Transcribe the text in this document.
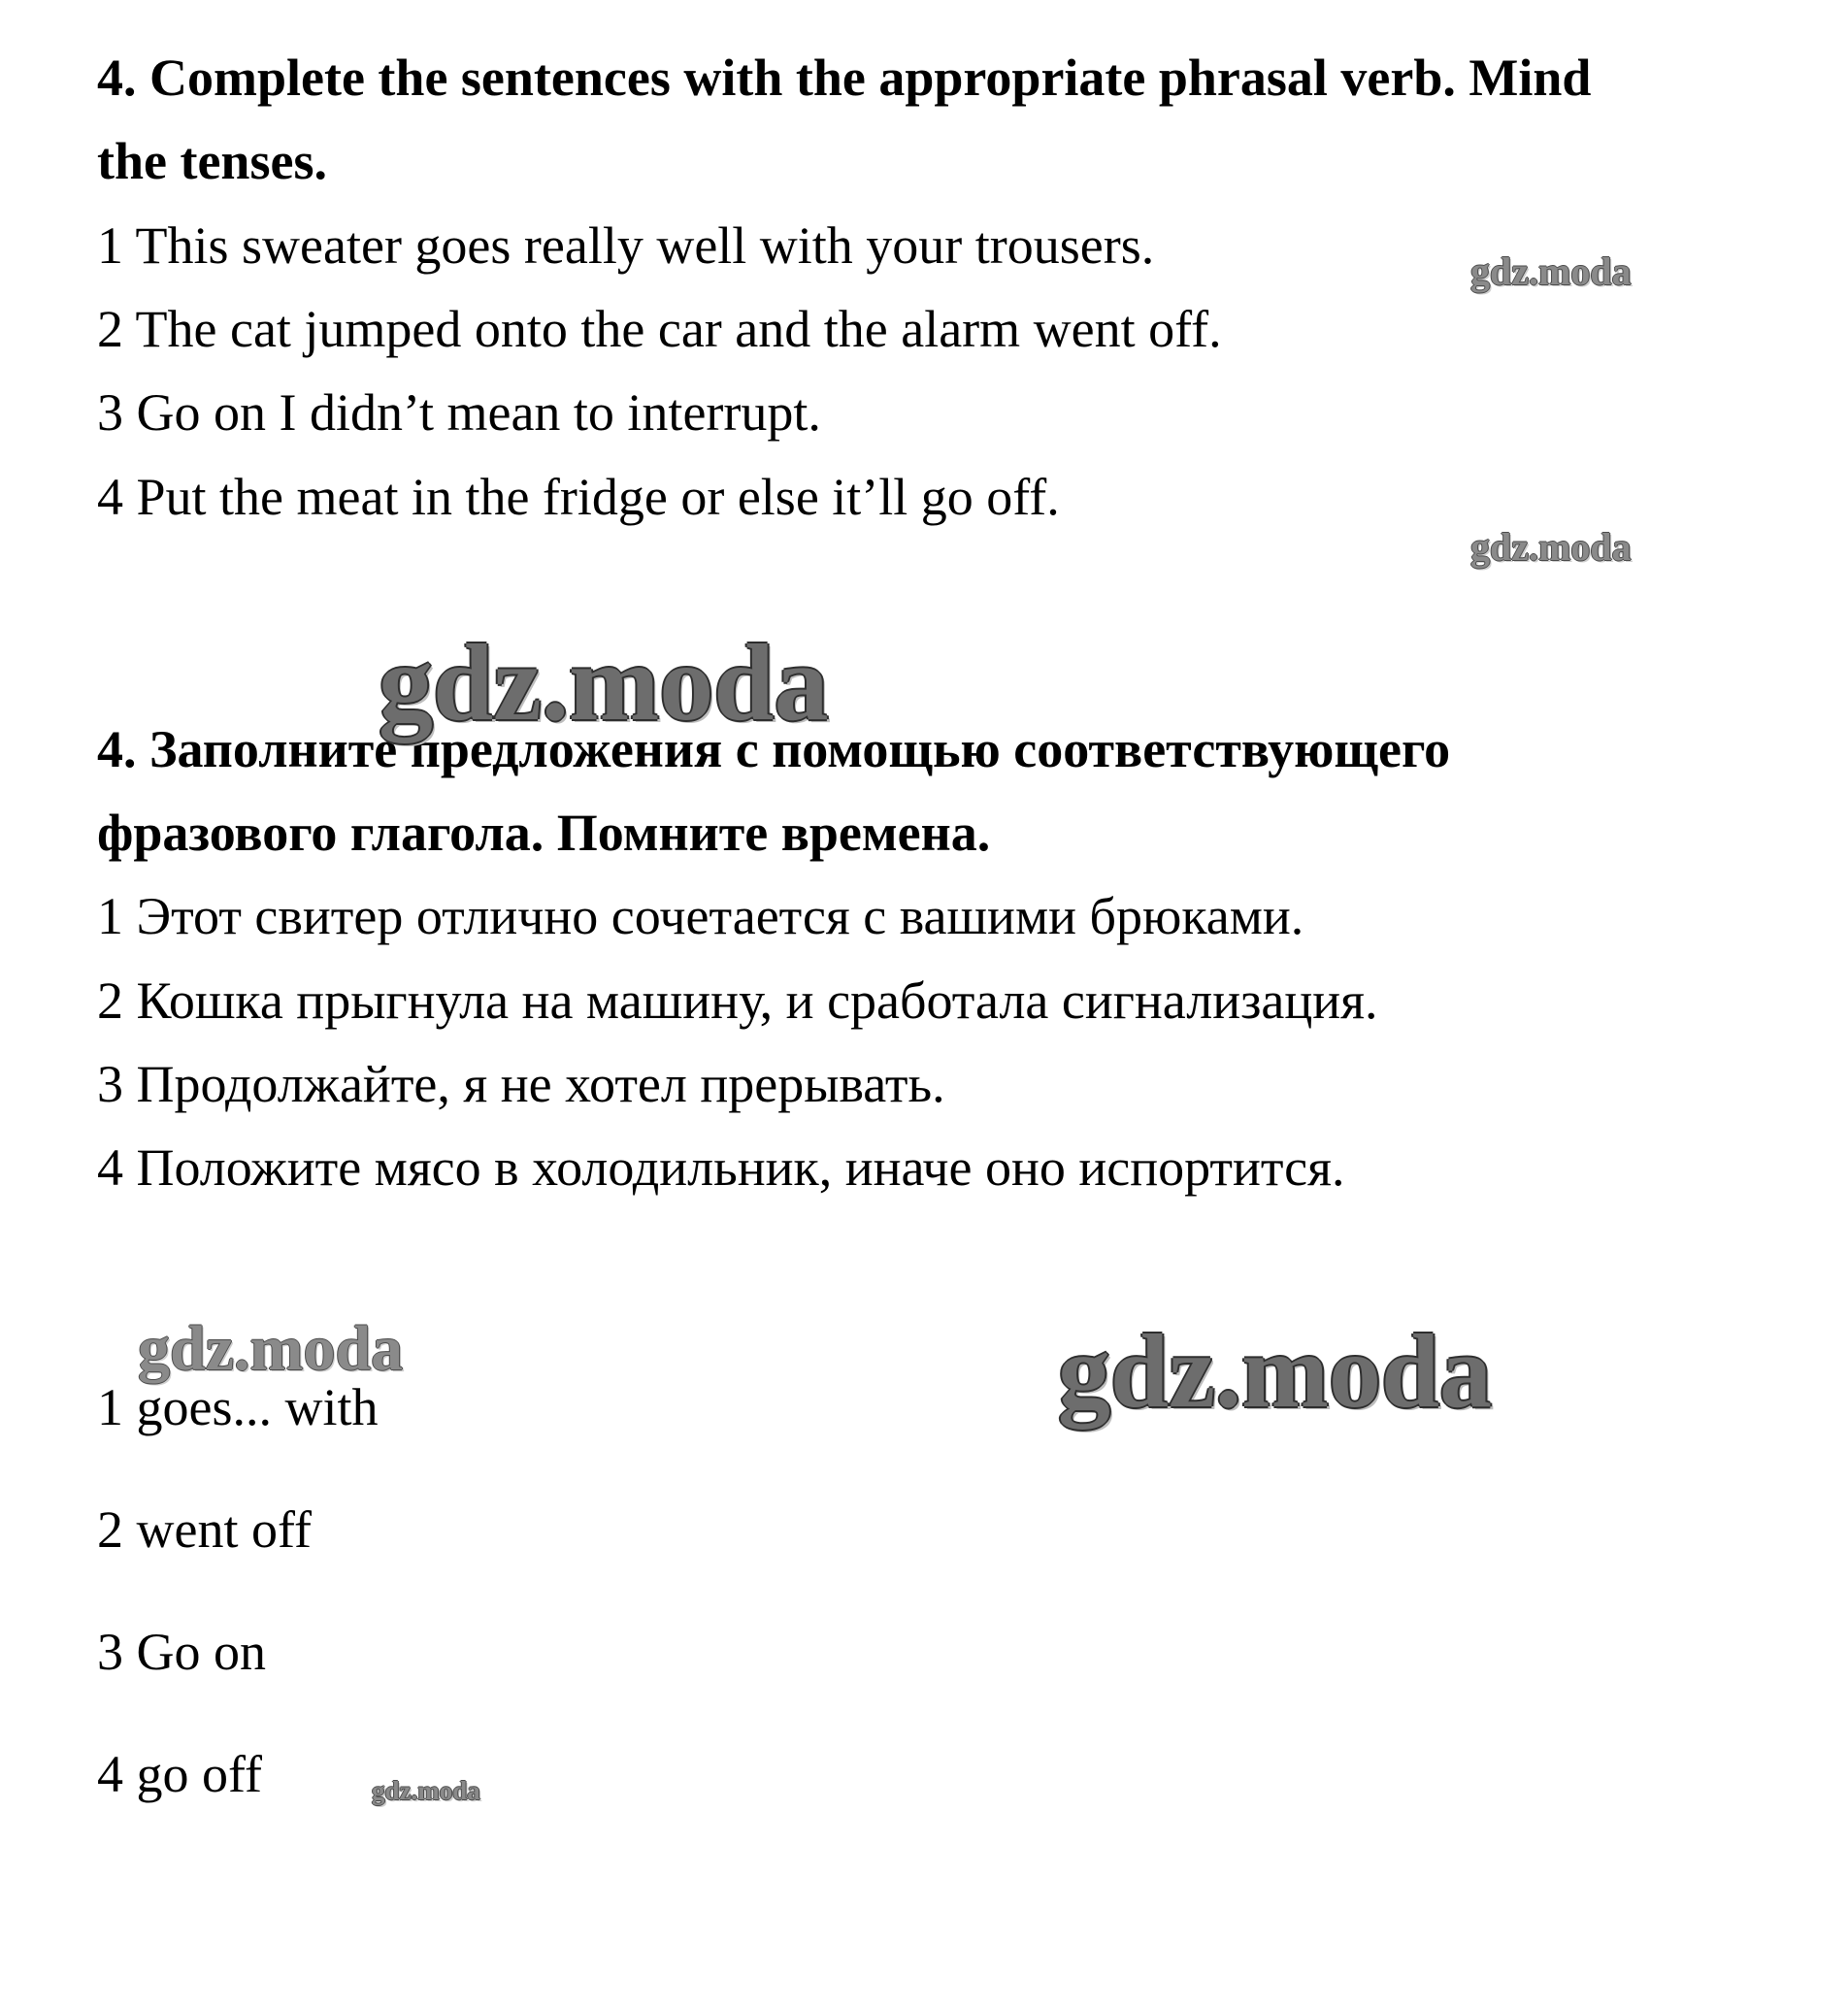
4. Complete the sentences with the appropriate phrasal verb. Mind
the tenses.
1 This sweater goes really well with your trousers.
2 The cat jumped onto the car and the alarm went off.
3 Go on I didn’t mean to interrupt.
4 Put the meat in the fridge or else it’ll go off.
4. Заполните предложения с помощью соответствующего
фразового глагола. Помните времена.
1 Этот свитер отлично сочетается с вашими брюками.
2 Кошка прыгнула на машину, и сработала сигнализация.
3 Продолжайте, я не хотел прерывать.
4 Положите мясо в холодильник, иначе оно испортится.
1 goes... with
2 went off
3 Go on
4 go off
gdz.moda
gdz.moda
gdz.moda
gdz.moda	gdz.moda
gdz.moda
